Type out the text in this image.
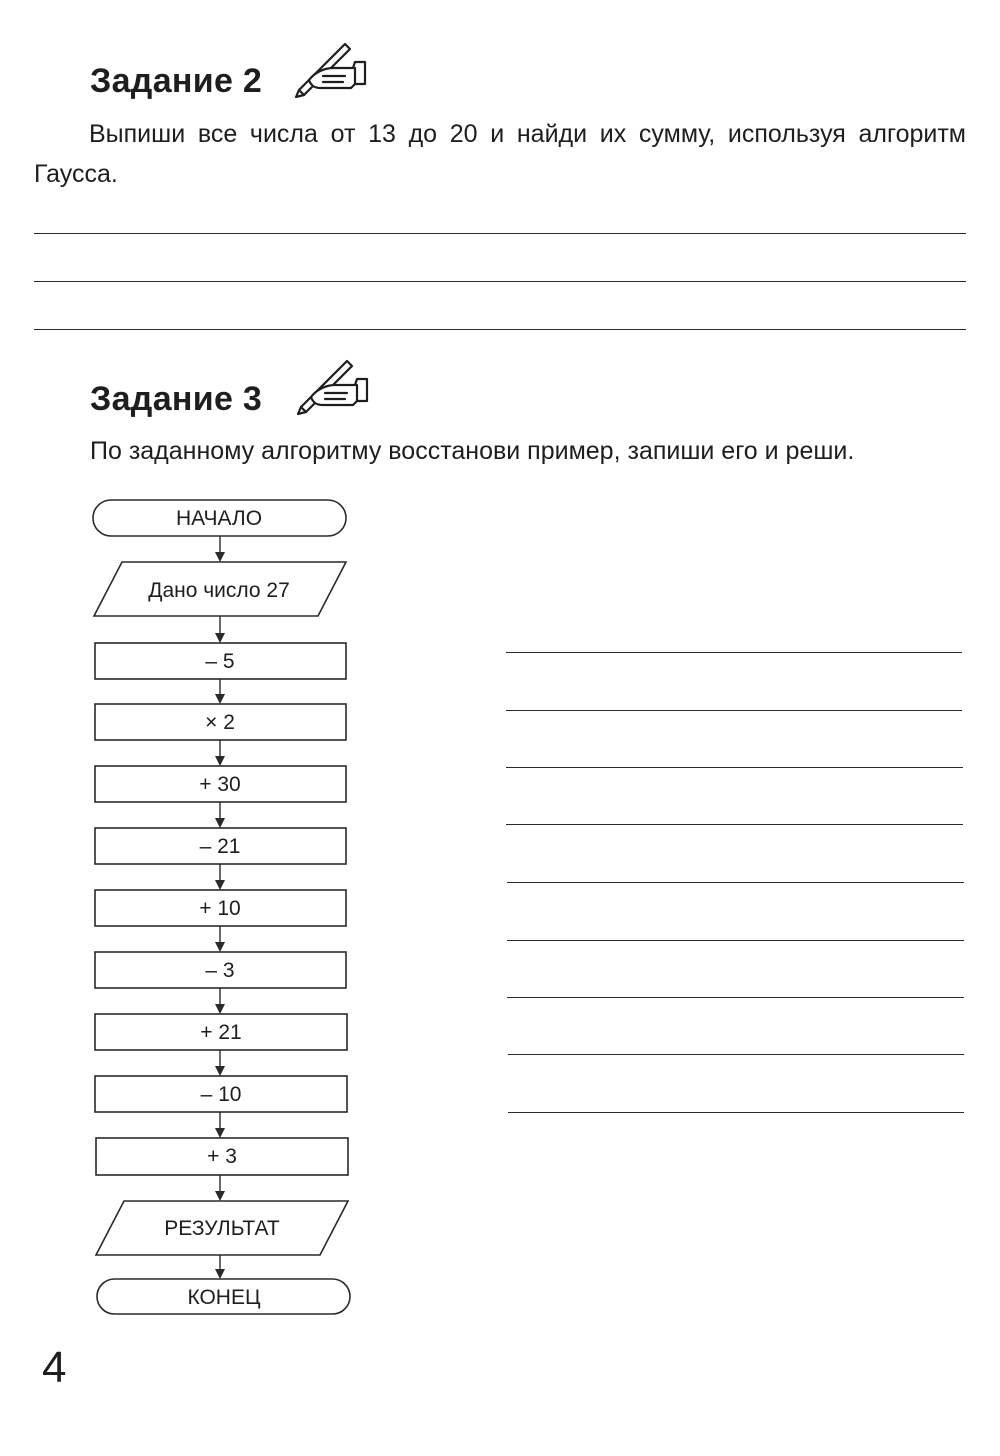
Задание 2

Выпиши все числа от 13 до 20 и найди их сумму, используя алгоритм Гаусса.

Задание 3

По заданному алгоритму восстанови пример, запиши его и реши.

НАЧАЛО
Дано число 27
– 5
× 2
+ 30
– 21
+ 10
– 3
+ 21
– 10
+ 3
РЕЗУЛЬТАТ
КОНЕЦ

4
